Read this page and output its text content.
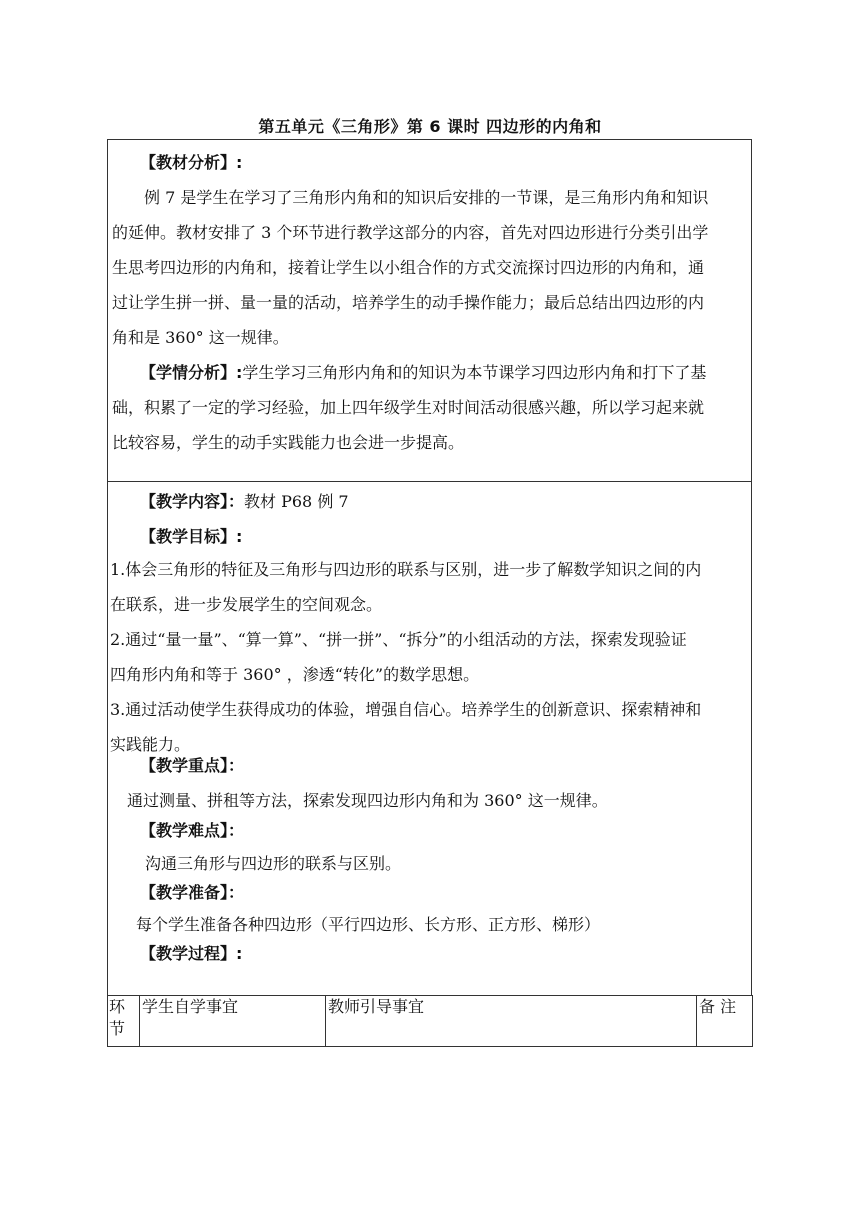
第五单元《三角形》第 6 课时 四边形的内角和
【教材分析】:

例 7 是学生在学习了三角形内角和的知识后安排的一节课，是三角形内角和知识

的延伸。教材安排了 3 个环节进行教学这部分的内容，首先对四边形进行分类引出学

生思考四边形的内角和，接着让学生以小组合作的方式交流探讨四边形的内角和，通

过让学生拼一拼、量一量的活动，培养学生的动手操作能力；最后总结出四边形的内

角和是 360° 这一规律。

【学情分析】:学生学习三角形内角和的知识为本节课学习四边形内角和打下了基

础，积累了一定的学习经验，加上四年级学生对时间活动很感兴趣，所以学习起来就

比较容易，学生的动手实践能力也会进一步提高。

【教学内容】：教材 P68 例 7
【教学目标】:

1.体会三角形的特征及三角形与四边形的联系与区别，进一步了解数学知识之间的内

在联系，进一步发展学生的空间观念。

2.通过“量一量”、“算一算”、“拼一拼”、“拆分”的小组活动的方法，探索发现验证

四角形内角和等于 360° ，渗透“转化”的数学思想。

3.通过活动使学生获得成功的体验，增强自信心。培养学生的创新意识、探索精神和

实践能力。

【教学重点】：
通过测量、拼租等方法，探索发现四边形内角和为 360° 这一规律。
【教学难点】：
沟通三角形与四边形的联系与区别。
【教学准备】：
每个学生准备各种四边形（平行四边形、长方形、正方形、梯形）
【教学过程】:
环节	学生自学事宜	教师引导事宜	备 注
